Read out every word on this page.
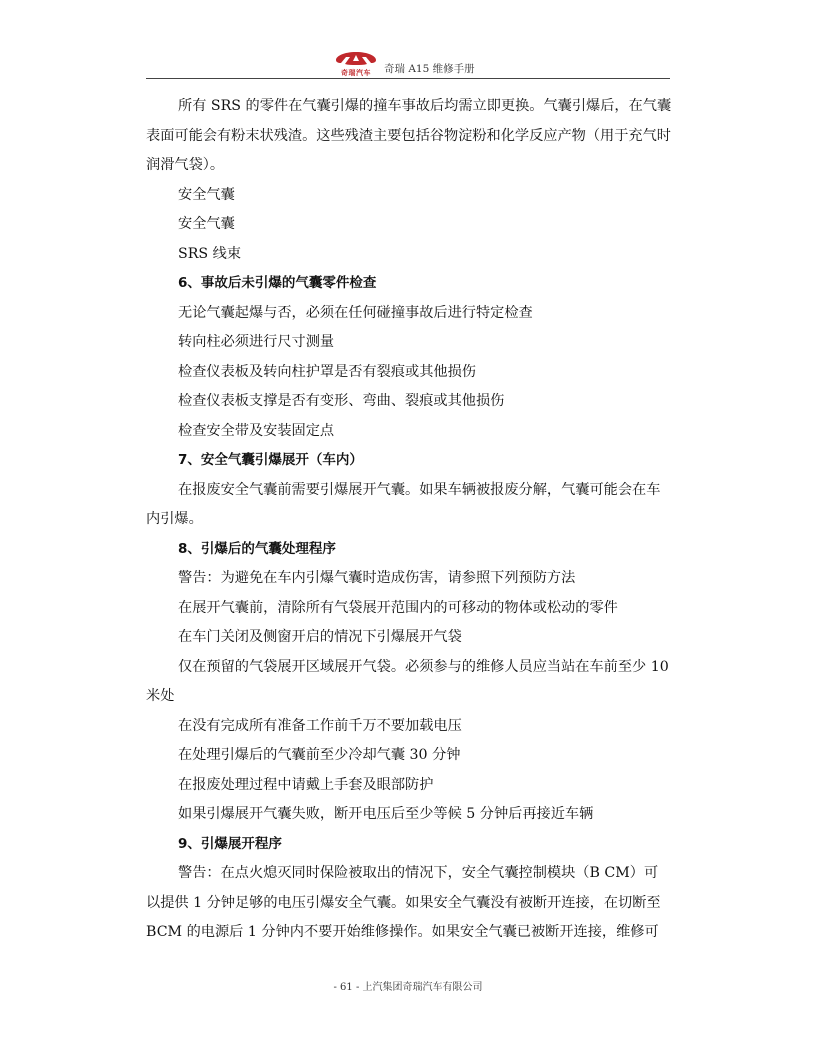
奇瑞汽车	奇瑞 A15 维修手册

所有 SRS 的零件在气囊引爆的撞车事故后均需立即更换。气囊引爆后，在气囊表面可能会有粉末状残渣。这些残渣主要包括谷物淀粉和化学反应产物（用于充气时润滑气袋）。

安全气囊

安全气囊

SRS 线束

6、事故后未引爆的气囊零件检查

无论气囊起爆与否，必须在任何碰撞事故后进行特定检查

转向柱必须进行尺寸测量

检查仪表板及转向柱护罩是否有裂痕或其他损伤

检查仪表板支撑是否有变形、弯曲、裂痕或其他损伤

检查安全带及安装固定点

7、安全气囊引爆展开（车内）

在报废安全气囊前需要引爆展开气囊。如果车辆被报废分解，气囊可能会在车内引爆。

8、引爆后的气囊处理程序

警告：为避免在车内引爆气囊时造成伤害，请参照下列预防方法

在展开气囊前，清除所有气袋展开范围内的可移动的物体或松动的零件

在车门关闭及侧窗开启的情况下引爆展开气袋

仅在预留的气袋展开区域展开气袋。必须参与的维修人员应当站在车前至少 10 米处

在没有完成所有准备工作前千万不要加载电压

在处理引爆后的气囊前至少冷却气囊 30 分钟

在报废处理过程中请戴上手套及眼部防护

如果引爆展开气囊失败，断开电压后至少等候 5 分钟后再接近车辆

9、引爆展开程序

警告：在点火熄灭同时保险被取出的情况下，安全气囊控制模块（B CM）可以提供 1 分钟足够的电压引爆安全气囊。如果安全气囊没有被断开连接，在切断至 BCM 的电源后 1 分钟内不要开始维修操作。如果安全气囊已被断开连接，维修可

- 61 - 上汽集团奇瑞汽车有限公司
